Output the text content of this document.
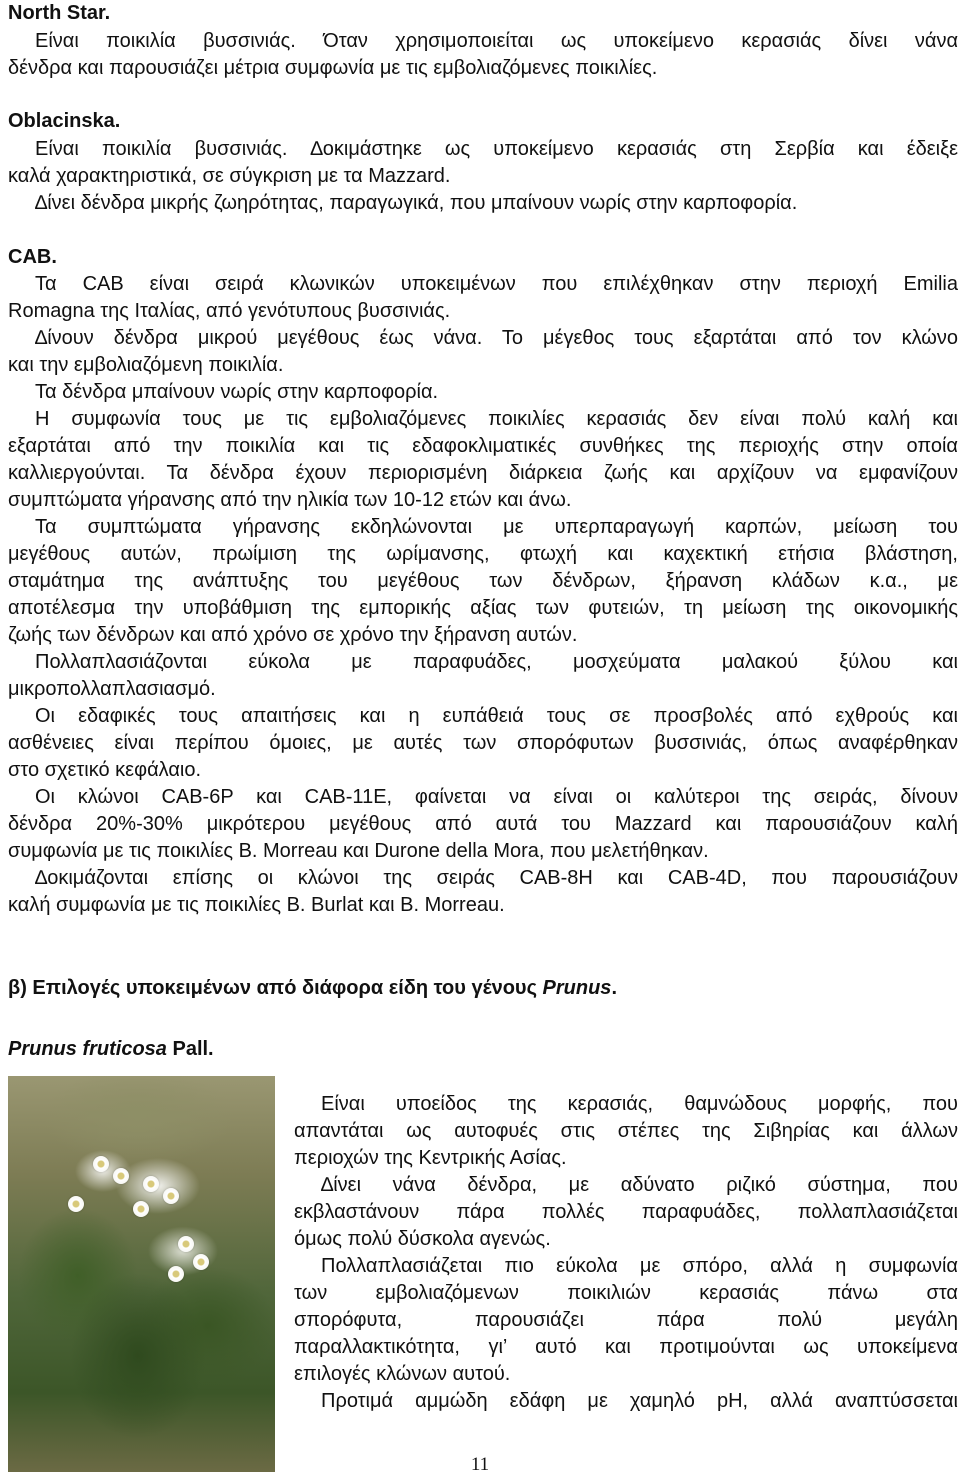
North Star.
Είναι ποικιλία βυσσινιάς. Όταν χρησιμοποιείται ως υποκείμενο κερασιάς δίνει νάνα
δένδρα και παρουσιάζει μέτρια συμφωνία με τις εμβολιαζόμενες ποικιλίες.
Oblacinska.
Είναι ποικιλία βυσσινιάς. ∆οκιμάστηκε ως υποκείμενο κερασιάς στη Σερβία και έδειξε
καλά χαρακτηριστικά, σε σύγκριση με τα Mazzard.
∆ίνει δένδρα μικρής ζωηρότητας, παραγωγικά, που μπαίνουν νωρίς στην καρποφορία.
CAB.
Τα CAB είναι σειρά κλωνικών υποκειμένων που επιλέχθηκαν στην περιοχή Emilia
Romagna της Ιταλίας, από γενότυπους βυσσινιάς.
∆ίνουν δένδρα μικρού μεγέθους έως νάνα. Το μέγεθος τους εξαρτάται από τον κλώνο
και την εμβολιαζόμενη ποικιλία.
Τα δένδρα μπαίνουν νωρίς στην καρποφορία.
Η συμφωνία τους με τις εμβολιαζόμενες ποικιλίες κερασιάς δεν είναι πολύ καλή και
εξαρτάται από την ποικιλία και τις εδαφοκλιματικές συνθήκες της περιοχής στην οποία
καλλιεργούνται. Τα δένδρα έχουν περιορισμένη διάρκεια ζωής και αρχίζουν να εμφανίζουν
συμπτώματα γήρανσης από την ηλικία των 10-12 ετών και άνω.
Τα συμπτώματα γήρανσης εκδηλώνονται με υπερπαραγωγή καρπών, μείωση του
μεγέθους αυτών, πρωίμιση της ωρίμανσης, φτωχή και καχεκτική ετήσια βλάστηση,
σταμάτημα της ανάπτυξης του μεγέθους των δένδρων, ξήρανση κλάδων κ.α., με
αποτέλεσμα την υποβάθμιση της εμπορικής αξίας των φυτειών, τη μείωση της οικονομικής
ζωής των δένδρων και από χρόνο σε χρόνο την ξήρανση αυτών.
Πολλαπλασιάζονται εύκολα με παραφυάδες, μοσχεύματα μαλακού ξύλου και
μικροπολλαπλασιασμό.
Οι εδαφικές τους απαιτήσεις και η ευπάθειά τους σε προσβολές από εχθρούς και
ασθένειες είναι περίπου όμοιες, με αυτές των σπορόφυτων βυσσινιάς, όπως αναφέρθηκαν
στο σχετικό κεφάλαιο.
Οι κλώνοι CAB-6P και CAB-11E, φαίνεται να είναι οι καλύτεροι της σειράς, δίνουν
δένδρα 20%-30% μικρότερου μεγέθους από αυτά του Mazzard και παρουσιάζουν καλή
συμφωνία με τις ποικιλίες B. Morreau και Durone della Mora, που μελετήθηκαν.
∆οκιμάζονται επίσης οι κλώνοι της σειράς CAB-8H και CAB-4D, που παρουσιάζουν
καλή συμφωνία με τις ποικιλίες B. Burlat και B. Morreau.
β) Επιλογές υποκειμένων από διάφορα είδη του γένους Prunus.
Prunus fruticosa Pall.
Είναι υποείδος της κερασιάς, θαμνώδους μορφής, που
απαντάται ως αυτοφυές στις στέπες της Σιβηρίας και άλλων
περιοχών της Κεντρικής Ασίας.
∆ίνει νάνα δένδρα, με αδύνατο ριζικό σύστημα, που
εκβλαστάνουν πάρα πολλές παραφυάδες, πολλαπλασιάζεται
όμως πολύ δύσκολα αγενώς.
Πολλαπλασιάζεται πιο εύκολα με σπόρο, αλλά η συμφωνία
των εμβολιαζόμενων ποικιλιών κερασιάς πάνω στα
σπορόφυτα, παρουσιάζει πάρα πολύ μεγάλη
παραλλακτικότητα, γι’ αυτό και προτιμούνται ως υποκείμενα
επιλογές κλώνων αυτού.
Προτιμά αμμώδη εδάφη με χαμηλό pH, αλλά αναπτύσσεται
11
